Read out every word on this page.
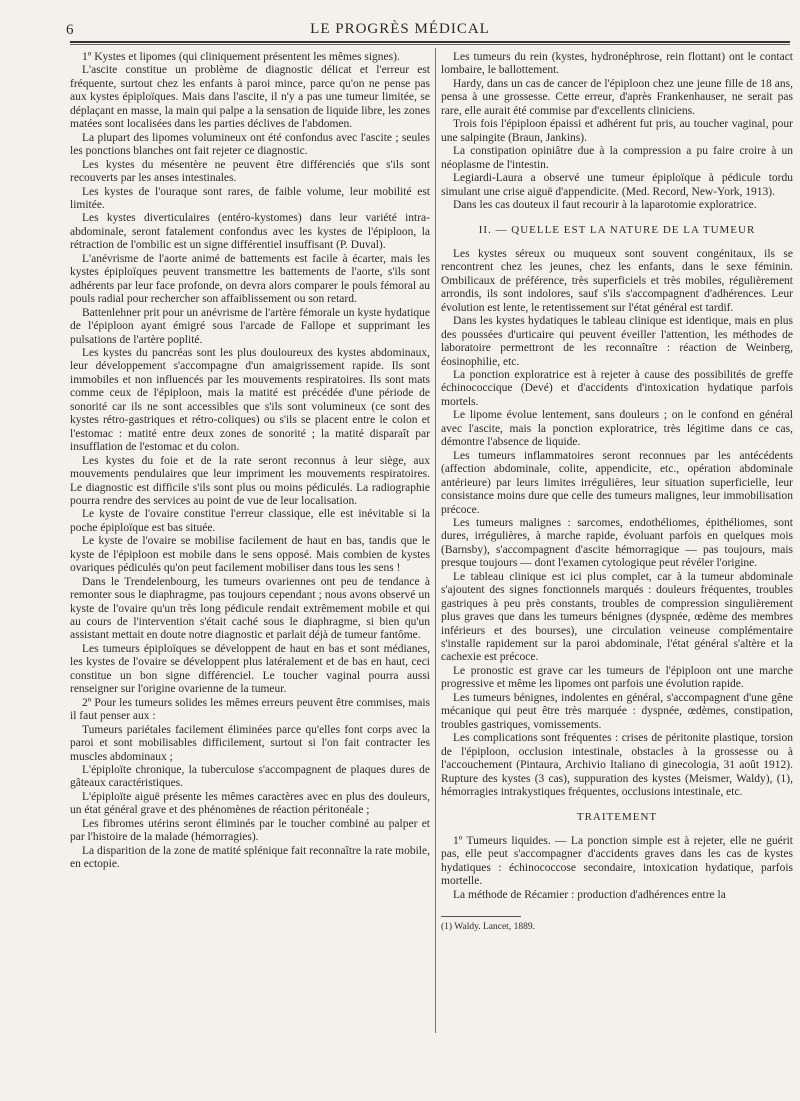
6	LE PROGRÈS MÉDICAL

1º Kystes et lipomes (qui cliniquement présentent les mêmes signes).

L'ascite constitue un problème de diagnostic délicat et l'erreur est fréquente, surtout chez les enfants à paroi mince, parce qu'on ne pense pas aux kystes épiploïques. Mais dans l'ascite, il n'y a pas une tumeur limitée, se déplaçant en masse, la main qui palpe a la sensation de liquide libre, les zones matées sont localisées dans les parties déclives de l'abdomen.

La plupart des lipomes volumineux ont été confondus avec l'ascite ; seules les ponctions blanches ont fait rejeter ce diagnostic.

Les kystes du mésentère ne peuvent être différenciés que s'ils sont recouverts par les anses intestinales.

Les kystes de l'ouraque sont rares, de faible volume, leur mobilité est limitée.

Les kystes diverticulaires (entéro-kystomes) dans leur variété intra-abdominale, seront fatalement confondus avec les kystes de l'épiploon, la rétraction de l'ombilic est un signe différentiel insuffisant (P. Duval).

L'anévrisme de l'aorte animé de battements est facile à écarter, mais les kystes épiploïques peuvent transmettre les battements de l'aorte, s'ils sont adhérents par leur face profonde, on devra alors comparer le pouls fémoral au pouls radial pour rechercher son affaiblissement ou son retard.

Battenlehner prit pour un anévrisme de l'artère fémorale un kyste hydatique de l'épiploon ayant émigré sous l'arcade de Fallope et supprimant les pulsations de l'artère poplité.

Les kystes du pancréas sont les plus douloureux des kystes abdominaux, leur développement s'accompagne d'un amaigrissement rapide. Ils sont immobiles et non influencés par les mouvements respiratoires. Ils sont mats comme ceux de l'épiploon, mais la matité est précédée d'une période de sonorité car ils ne sont accessibles que s'ils sont volumineux (ce sont des kystes rétro-gastriques et rétro-coliques) ou s'ils se placent entre le colon et l'estomac : matité entre deux zones de sonorité ; la matité disparaît par insufflation de l'estomac et du colon.

Les kystes du foie et de la rate seront reconnus à leur siège, aux mouvements pendulaires que leur impriment les mouvements respiratoires. Le diagnostic est difficile s'ils sont plus ou moins pédiculés. La radiographie pourra rendre des services au point de vue de leur localisation.

Le kyste de l'ovaire constitue l'erreur classique, elle est inévitable si la poche épiploïque est bas située.

Le kyste de l'ovaire se mobilise facilement de haut en bas, tandis que le kyste de l'épiploon est mobile dans le sens opposé. Mais combien de kystes ovariques pédiculés qu'on peut facilement mobiliser dans tous les sens !

Dans le Trendelenbourg, les tumeurs ovariennes ont peu de tendance à remonter sous le diaphragme, pas toujours cependant ; nous avons observé un kyste de l'ovaire qu'un très long pédicule rendait extrêmement mobile et qui au cours de l'intervention s'était caché sous le diaphragme, si bien qu'un assistant mettait en doute notre diagnostic et parlait déjà de tumeur fantôme.

Les tumeurs épiploïques se développent de haut en bas et sont médianes, les kystes de l'ovaire se développent plus latéralement et de bas en haut, ceci constitue un bon signe différenciel. Le toucher vaginal pourra aussi renseigner sur l'origine ovarienne de la tumeur.

2º Pour les tumeurs solides les mêmes erreurs peuvent être commises, mais il faut penser aux :

Tumeurs pariétales facilement éliminées parce qu'elles font corps avec la paroi et sont mobilisables difficilement, surtout si l'on fait contracter les muscles abdominaux ;

L'épiploïte chronique, la tuberculose s'accompagnent de plaques dures de gâteaux caractéristiques.

L'épiploïte aiguë présente les mêmes caractères avec en plus des douleurs, un état général grave et des phénomènes de réaction péritonéale ;

Les fibromes utérins seront éliminés par le toucher combiné au palper et par l'histoire de la malade (hémorragies).

La disparition de la zone de matité splénique fait reconnaître la rate mobile, en ectopie.

Les tumeurs du rein (kystes, hydronéphrose, rein flottant) ont le contact lombaire, le ballottement.

Hardy, dans un cas de cancer de l'épiploon chez une jeune fille de 18 ans, pensa à une grossesse. Cette erreur, d'après Frankenhauser, ne serait pas rare, elle aurait été commise par d'excellents cliniciens.

Trois fois l'épiploon épaissi et adhérent fut pris, au toucher vaginal, pour une salpingite (Braun, Jankins).

La constipation opiniâtre due à la compression a pu faire croire à un néoplasme de l'intestin.

Legiardi-Laura a observé une tumeur épiploïque à pédicule tordu simulant une crise aiguë d'appendicite. (Med. Record, New-York, 1913).

Dans les cas douteux il faut recourir à la laparotomie exploratrice.

II. — QUELLE EST LA NATURE DE LA TUMEUR

Les kystes séreux ou muqueux sont souvent congénitaux, ils se rencontrent chez les jeunes, chez les enfants, dans le sexe féminin. Ombilicaux de préférence, très superficiels et très mobiles, régulièrement arrondis, ils sont indolores, sauf s'ils s'accompagnent d'adhérences. Leur évolution est lente, le retentissement sur l'état général est tardif.

Dans les kystes hydatiques le tableau clinique est identique, mais en plus des poussées d'urticaire qui peuvent éveiller l'attention, les méthodes de laboratoire permettront de les reconnaître : réaction de Weinberg, éosinophilie, etc.

La ponction exploratrice est à rejeter à cause des possibilités de greffe échinococcique (Devé) et d'accidents d'intoxication hydatique parfois mortels.

Le lipome évolue lentement, sans douleurs ; on le confond en général avec l'ascite, mais la ponction exploratrice, très légitime dans ce cas, démontre l'absence de liquide.

Les tumeurs inflammatoires seront reconnues par les antécédents (affection abdominale, colite, appendicite, etc., opération abdominale antérieure) par leurs limites irrégulières, leur situation superficielle, leur consistance moins dure que celle des tumeurs malignes, leur immobilisation précoce.

Les tumeurs malignes : sarcomes, endothéliomes, épithéliomes, sont dures, irrégulières, à marche rapide, évoluant parfois en quelques mois (Barnsby), s'accompagnent d'ascite hémorragique — pas toujours, mais presque toujours — dont l'examen cytologique peut révéler l'origine.

Le tableau clinique est ici plus complet, car à la tumeur abdominale s'ajoutent des signes fonctionnels marqués : douleurs fréquentes, troubles gastriques à peu près constants, troubles de compression singulièrement plus graves que dans les tumeurs bénignes (dyspnée, œdème des membres inférieurs et des bourses), une circulation veineuse complémentaire s'installe rapidement sur la paroi abdominale, l'état général s'altère et la cachexie est précoce.

Le pronostic est grave car les tumeurs de l'épiploon ont une marche progressive et même les lipomes ont parfois une évolution rapide.

Les tumeurs bénignes, indolentes en général, s'accompagnent d'une gêne mécanique qui peut être très marquée : dyspnée, œdèmes, constipation, troubles gastriques, vomissements.

Les complications sont fréquentes : crises de péritonite plastique, torsion de l'épiploon, occlusion intestinale, obstacles à la grossesse ou à l'accouchement (Pintaura, Archivio Italiano di ginecologia, 31 août 1912). Rupture des kystes (3 cas), suppuration des kystes (Meismer, Waldy), (1), hémorragies intrakystiques fréquentes, occlusions intestinale, etc.

TRAITEMENT

1º Tumeurs liquides. — La ponction simple est à rejeter, elle ne guérit pas, elle peut s'accompagner d'accidents graves dans les cas de kystes hydatiques : échinococcose secondaire, intoxication hydatique, parfois mortelle.

La méthode de Récamier : production d'adhérences entre la

(1) Waldy. Lancet, 1889.
